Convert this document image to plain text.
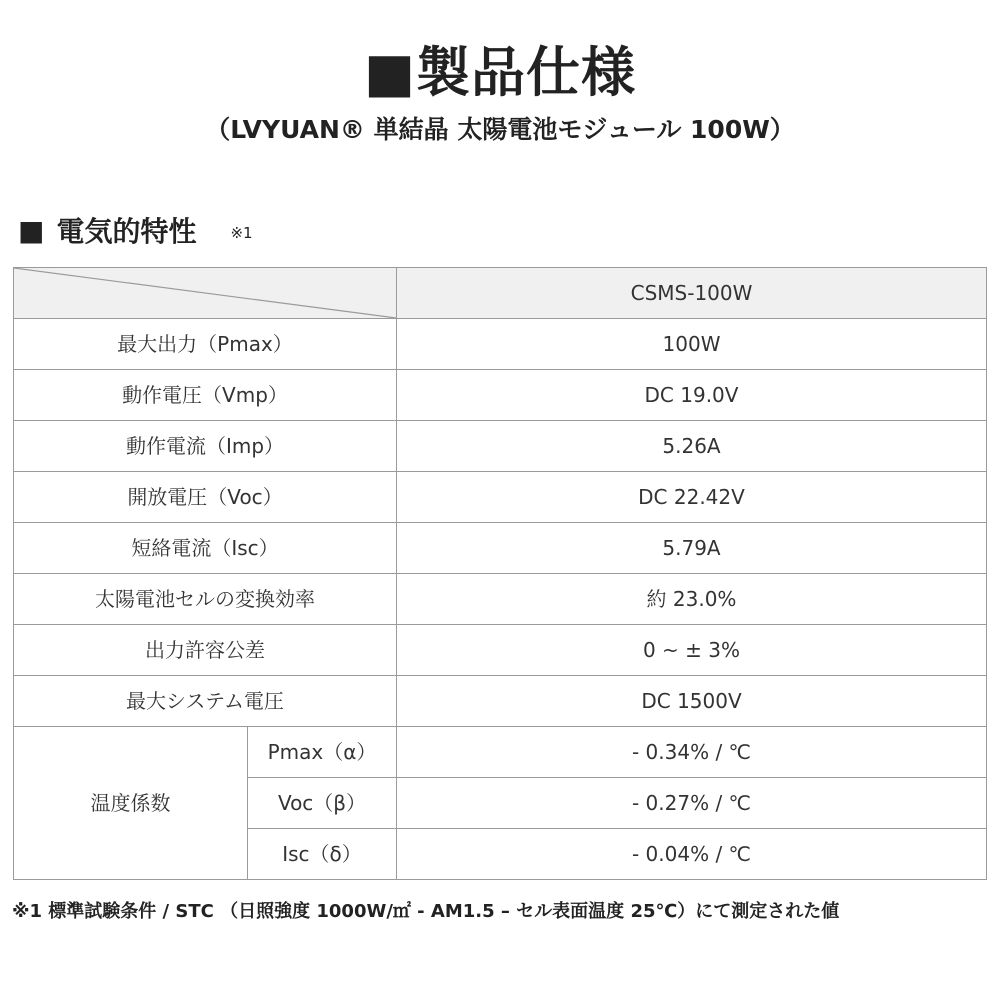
■製品仕様
（LVYUAN® 単結晶 太陽電池モジュール 100W）
■ 電気的特性 ※1
	CSMS-100W
最大出力（Pmax）		100W
動作電圧（Vmp）		DC 19.0V
動作電流（Imp）		5.26A
開放電圧（Voc）		DC 22.42V
短絡電流（Isc）		5.79A
太陽電池セルの変換効率		約 23.0%
出力許容公差		0 ~ ± 3%
最大システム電圧		DC 1500V
温度係数	Pmax（α）	- 0.34% / ℃
	Voc（β）	- 0.27% / ℃
	Isc（δ）	- 0.04% / ℃
※1 標準試験条件 / STC （日照強度 1000W/㎡ - AM1.5 – セル表面温度 25℃）にて測定された値
